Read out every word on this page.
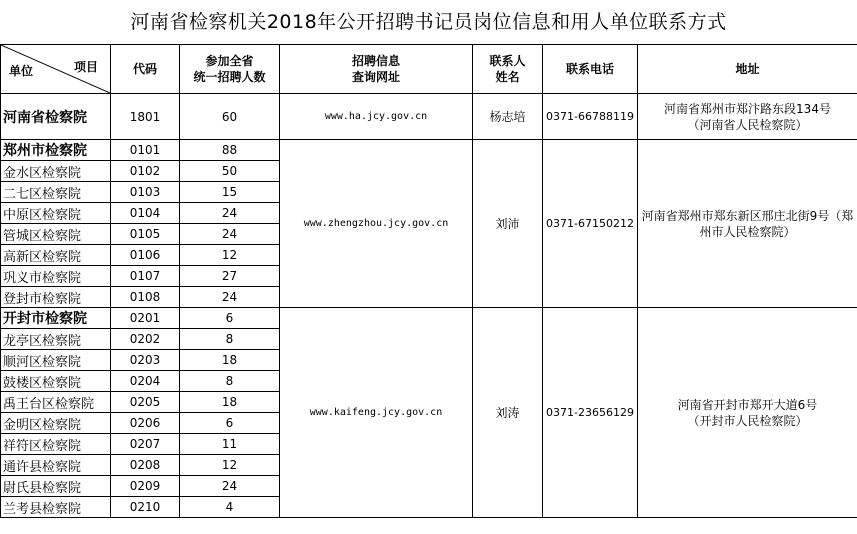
河南省检察机关2018年公开招聘书记员岗位信息和用人单位联系方式
单位 项目	代码	参加全省
统一招聘人数	招聘信息
查询网址	联系人
姓名	联系电话	地址
河南省检察院	1801	60	www.ha.jcy.gov.cn	杨志培	0371-66788119	河南省郑州市郑汴路东段134号
（河南省人民检察院）
郑州市检察院	0101	88	www.zhengzhou.jcy.gov.cn	刘沛	0371-67150212	河南省郑州市郑东新区邢庄北街9号（郑
州市人民检察院）
金水区检察院	0102	50				
二七区检察院	0103	15				
中原区检察院	0104	24				
管城区检察院	0105	24				
高新区检察院	0106	12				
巩义市检察院	0107	27				
登封市检察院	0108	24				
开封市检察院	0201	6	www.kaifeng.jcy.gov.cn	刘涛	0371-23656129	河南省开封市郑开大道6号
（开封市人民检察院）
龙亭区检察院	0202	8				
顺河区检察院	0203	18				
鼓楼区检察院	0204	8				
禹王台区检察院	0205	18				
金明区检察院	0206	6				
祥符区检察院	0207	11				
通许县检察院	0208	12				
尉氏县检察院	0209	24				
兰考县检察院	0210	4				
